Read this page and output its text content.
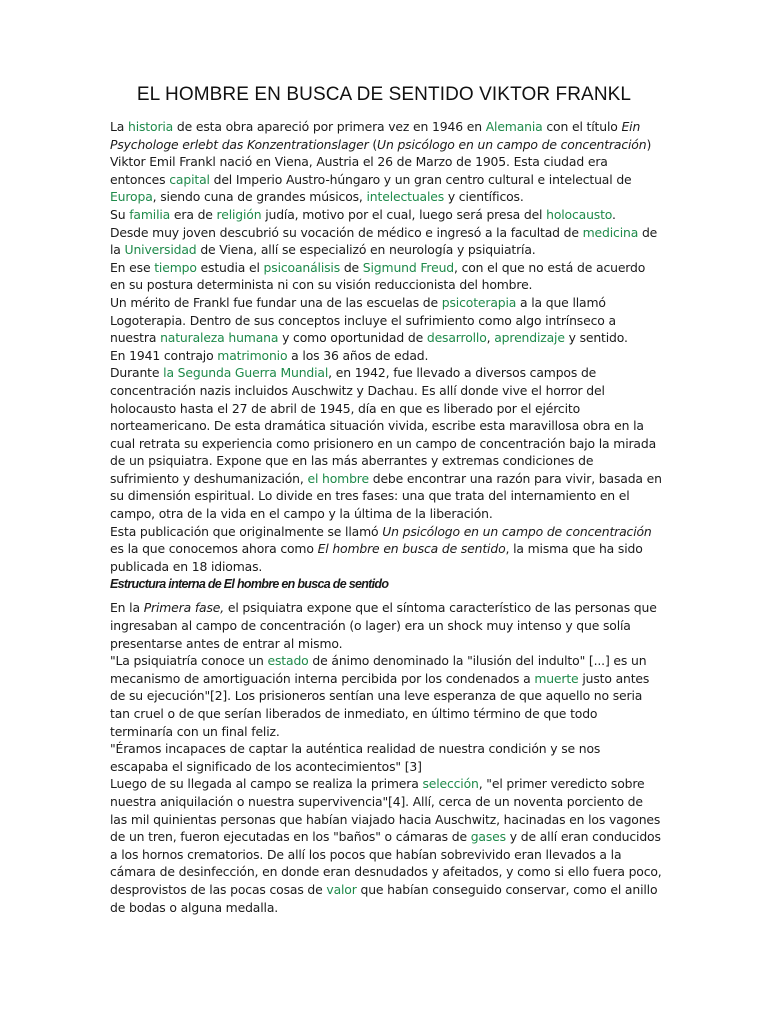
EL HOMBRE EN BUSCA DE SENTIDO VIKTOR FRANKL

La historia de esta obra apareció por primera vez en 1946 en Alemania con el título Ein Psychologe erlebt das Konzentrationslager (Un psicólogo en un campo de concentración)

Viktor Emil Frankl nació en Viena, Austria el 26 de Marzo de 1905. Esta ciudad era entonces capital del Imperio Austro-húngaro y un gran centro cultural e intelectual de Europa, siendo cuna de grandes músicos, intelectuales y científicos.

Su familia era de religión judía, motivo por el cual, luego será presa del holocausto.

Desde muy joven descubrió su vocación de médico e ingresó a la facultad de medicina de la Universidad de Viena, allí se especializó en neurología y psiquiatría.

En ese tiempo estudia el psicoanálisis de Sigmund Freud, con el que no está de acuerdo en su postura determinista ni con su visión reduccionista del hombre.

Un mérito de Frankl fue fundar una de las escuelas de psicoterapia a la que llamó Logoterapia. Dentro de sus conceptos incluye el sufrimiento como algo intrínseco a nuestra naturaleza humana y como oportunidad de desarrollo, aprendizaje y sentido.

En 1941 contrajo matrimonio a los 36 años de edad.

Durante la Segunda Guerra Mundial, en 1942, fue llevado a diversos campos de concentración nazis incluidos Auschwitz y Dachau. Es allí donde vive el horror del holocausto hasta el 27 de abril de 1945, día en que es liberado por el ejército norteamericano. De esta dramática situación vivida, escribe esta maravillosa obra en la cual retrata su experiencia como prisionero en un campo de concentración bajo la mirada de un psiquiatra. Expone que en las más aberrantes y extremas condiciones de sufrimiento y deshumanización, el hombre debe encontrar una razón para vivir, basada en su dimensión espiritual. Lo divide en tres fases: una que trata del internamiento en el campo, otra de la vida en el campo y la última de la liberación.

Esta publicación que originalmente se llamó Un psicólogo en un campo de concentración es la que conocemos ahora como El hombre en busca de sentido, la misma que ha sido publicada en 18 idiomas.

Estructura interna de El hombre en busca de sentido

En la Primera fase, el psiquiatra expone que el síntoma característico de las personas que ingresaban al campo de concentración (o lager) era un shock muy intenso y que solía presentarse antes de entrar al mismo.

"La psiquiatría conoce un estado de ánimo denominado la "ilusión del indulto" [...] es un mecanismo de amortiguación interna percibida por los condenados a muerte justo antes de su ejecución"[2]. Los prisioneros sentían una leve esperanza de que aquello no seria tan cruel o de que serían liberados de inmediato, en último término de que todo terminaría con un final feliz.

"Éramos incapaces de captar la auténtica realidad de nuestra condición y se nos escapaba el significado de los acontecimientos" [3]

Luego de su llegada al campo se realiza la primera selección, "el primer veredicto sobre nuestra aniquilación o nuestra supervivencia"[4]. Allí, cerca de un noventa porciento de las mil quinientas personas que habían viajado hacia Auschwitz, hacinadas en los vagones de un tren, fueron ejecutadas en los "baños" o cámaras de gases y de allí eran conducidos a los hornos crematorios. De allí los pocos que habían sobrevivido eran llevados a la cámara de desinfección, en donde eran desnudados y afeitados, y como si ello fuera poco, desprovistos de las pocas cosas de valor que habían conseguido conservar, como el anillo de bodas o alguna medalla.
